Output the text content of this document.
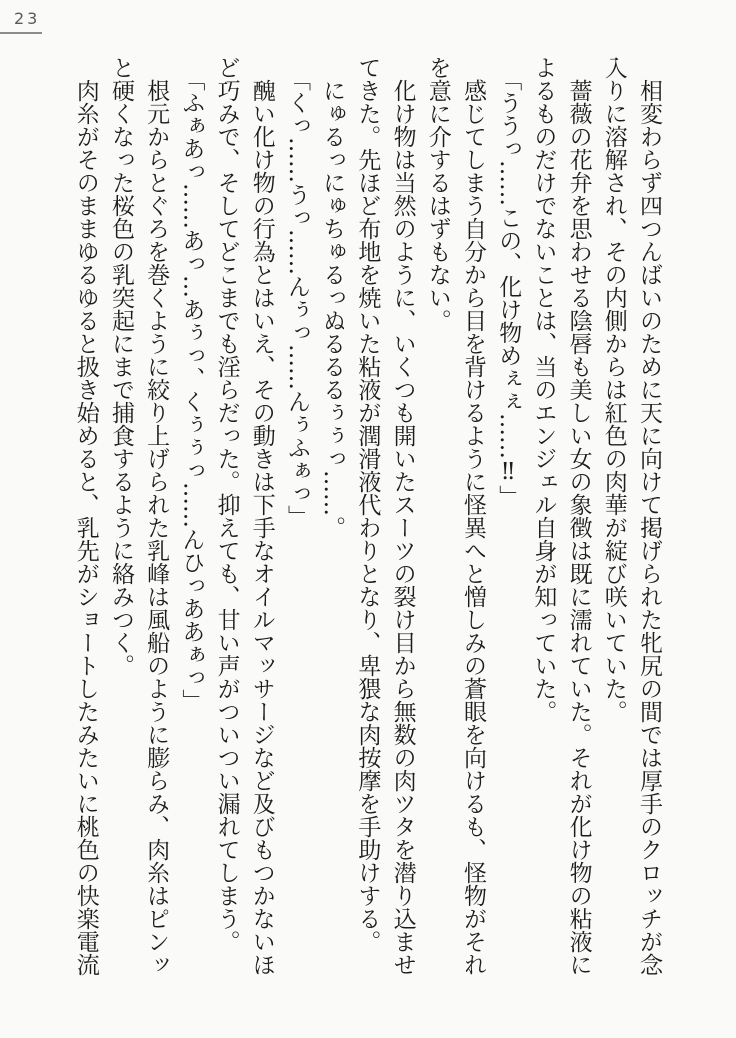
23

相変わらず四つんばいのために天に向けて掲げられた牝尻の間では厚手のクロッチが念入りに溶解され、その内側からは紅色の肉華が綻び咲いていた。

薔薇の花弁を思わせる陰唇も美しい女の象徴は既に濡れていた。それが化け物の粘液によるものだけでないことは、当のエンジェル自身が知っていた。

「ううっ……この、化け物めぇぇ……‼」

感じてしまう自分から目を背けるように怪異へと憎しみの蒼眼を向けるも、怪物がそれを意に介するはずもない。

化け物は当然のように、いくつも開いたスーツの裂け目から無数の肉ツタを潜り込ませてきた。先ほど布地を焼いた粘液が潤滑液代わりとなり、卑猥な肉按摩を手助けする。

にゅるっにゅちゅるっぬるるるぅぅっ……。

「くっ……うっ……んぅっ……んぅふぁっ」

醜い化け物の行為とはいえ、その動きは下手なオイルマッサージなど及びもつかないほど巧みで、そしてどこまでも淫らだった。抑えても、甘い声がついつい漏れてしまう。

「ふぁあっ……あっ…あぅっ、くぅぅっ……んひっああぁっ」

根元からとぐろを巻くように絞り上げられた乳峰は風船のように膨らみ、肉糸はピンッと硬くなった桜色の乳突起にまで捕食するように絡みつく。

肉糸がそのままゆるゆると扱き始めると、乳先がショートしたみたいに桃色の快楽電流
